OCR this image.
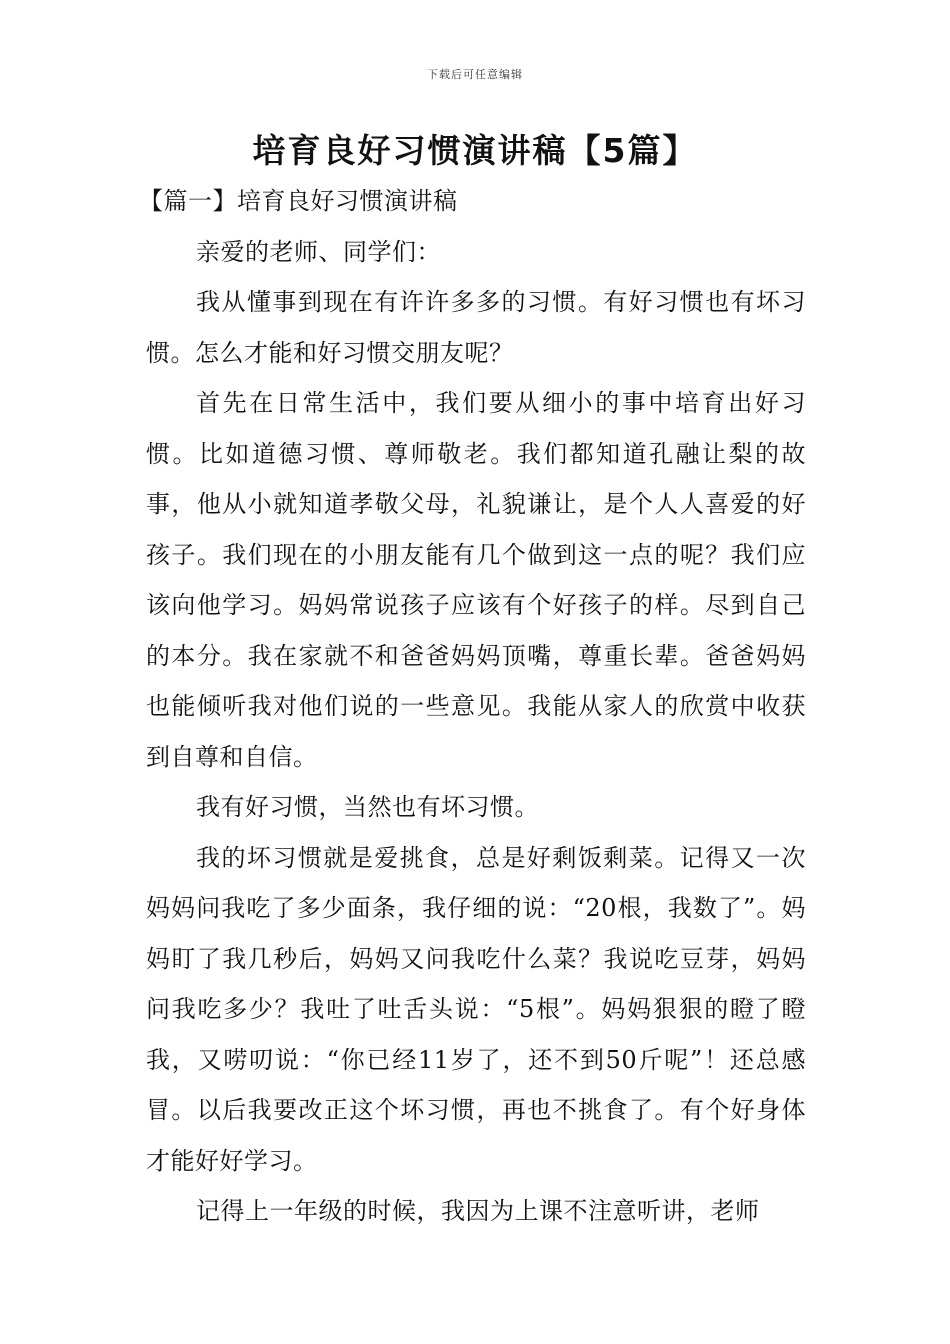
下载后可任意编辑
培育良好习惯演讲稿【5篇】

【篇一】培育良好习惯演讲稿

亲爱的老师、同学们：

我从懂事到现在有许许多多的习惯。有好习惯也有坏习惯。怎么才能和好习惯交朋友呢？

首先在日常生活中，我们要从细小的事中培育出好习惯。比如道德习惯、尊师敬老。我们都知道孔融让梨的故事，他从小就知道孝敬父母，礼貌谦让，是个人人喜爱的好孩子。我们现在的小朋友能有几个做到这一点的呢？我们应该向他学习。妈妈常说孩子应该有个好孩子的样。尽到自己的本分。我在家就不和爸爸妈妈顶嘴，尊重长辈。爸爸妈妈也能倾听我对他们说的一些意见。我能从家人的欣赏中收获到自尊和自信。

我有好习惯，当然也有坏习惯。

我的坏习惯就是爱挑食，总是好剩饭剩菜。记得又一次妈妈问我吃了多少面条，我仔细的说：“20根，我数了”。妈妈盯了我几秒后，妈妈又问我吃什么菜？我说吃豆芽，妈妈问我吃多少？我吐了吐舌头说：“5根”。妈妈狠狠的瞪了瞪我，又唠叨说：“你已经11岁了，还不到50斤呢”！还总感冒。以后我要改正这个坏习惯，再也不挑食了。有个好身体才能好好学习。

记得上一年级的时候，我因为上课不注意听讲，老师
